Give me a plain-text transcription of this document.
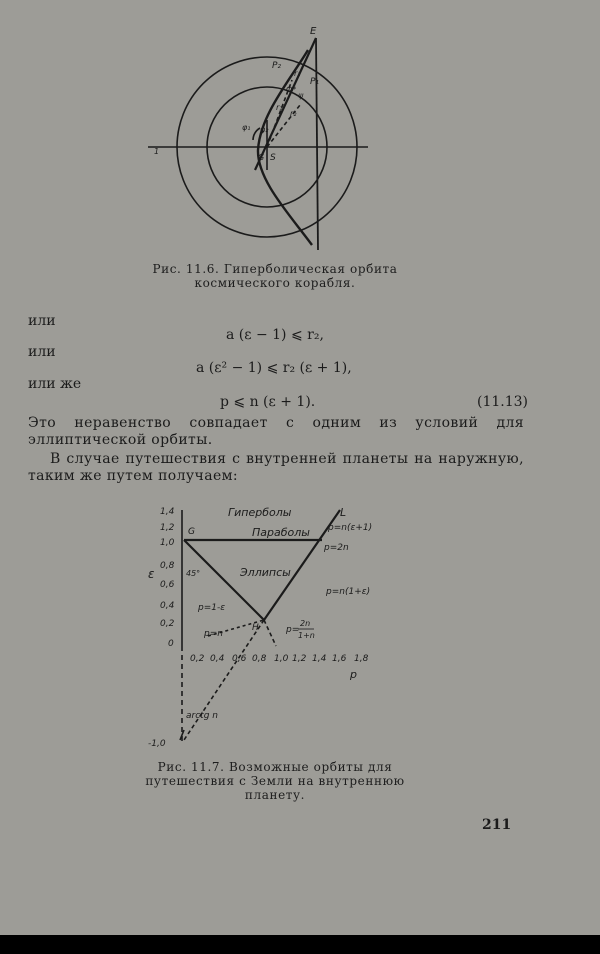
E
P₂
r₁
P₁
Φ*
ψ
r₁
r₂
φ₁ φ₂
G S
1
Рис. 11.6. Гиперболическая орбита
космического корабля.
или
a (ε − 1) ⩽ r₂,
или
a (ε² − 1) ⩽ r₂ (ε + 1),
или же
p ⩽ n (ε + 1).	(11.13)
Это неравенство совпадает с одним из условий для эллиптической орбиты.
В случае путешествия с внутренней планеты на наружную, таким же путем получаем:
1,4
1,2
1,0
0,8
0,6
0,4
0,2
0
-1,0
ε
0,2 0,4 0,6 0,8 1,0 1,2 1,4 1,6 1,8
p
Гиперболы
Параболы
Эллипсы
L
p=n(ε+1)
p=2n
p=n(1+ε)
p=1-ε
p=n	p=
2n
1+n
G
H
45°
arctg n
Рис. 11.7. Возможные орбиты для
путешествия с Земли на внутреннюю
планету.
211
